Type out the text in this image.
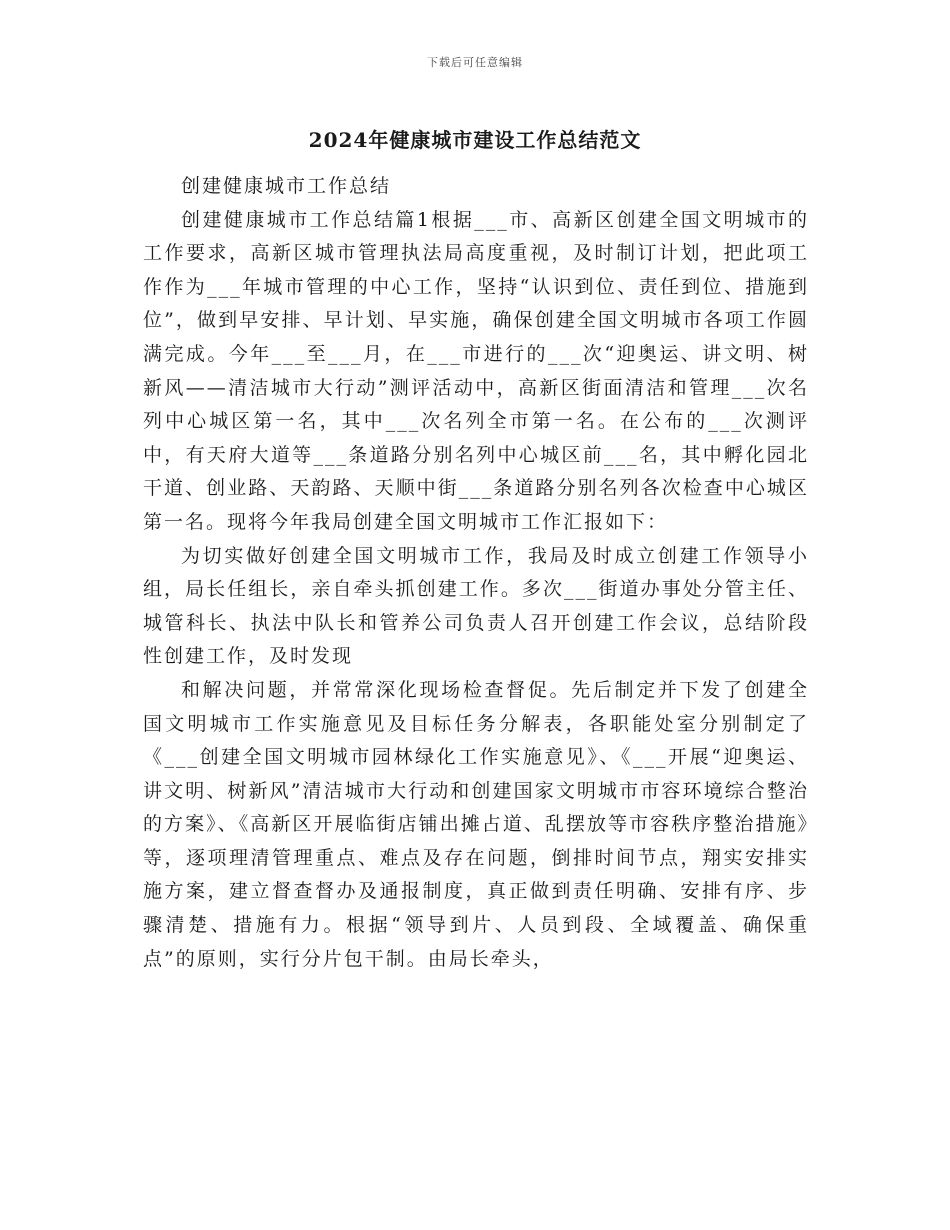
下载后可任意编辑
2024年健康城市建设工作总结范文

创建健康城市工作总结

创建健康城市工作总结篇1根据___市、高新区创建全国文明城市的工作要求，高新区城市管理执法局高度重视，及时制订计划，把此项工作作为___年城市管理的中心工作，坚持“认识到位、责任到位、措施到位”，做到早安排、早计划、早实施，确保创建全国文明城市各项工作圆满完成。今年___至___月，在___市进行的___次“迎奥运、讲文明、树新风——清洁城市大行动”测评活动中，高新区街面清洁和管理___次名列中心城区第一名，其中___次名列全市第一名。在公布的___次测评中，有天府大道等___条道路分别名列中心城区前___名，其中孵化园北干道、创业路、天韵路、天顺中街___条道路分别名列各次检查中心城区第一名。现将今年我局创建全国文明城市工作汇报如下：

为切实做好创建全国文明城市工作，我局及时成立创建工作领导小组，局长任组长，亲自牵头抓创建工作。多次___街道办事处分管主任、城管科长、执法中队长和管养公司负责人召开创建工作会议，总结阶段性创建工作，及时发现

和解决问题，并常常深化现场检查督促。先后制定并下发了创建全国文明城市工作实施意见及目标任务分解表，各职能处室分别制定了《___创建全国文明城市园林绿化工作实施意见》、《___开展“迎奥运、讲文明、树新风”清洁城市大行动和创建国家文明城市市容环境综合整治的方案》、《高新区开展临街店铺出摊占道、乱摆放等市容秩序整治措施》等，逐项理清管理重点、难点及存在问题，倒排时间节点，翔实安排实施方案，建立督查督办及通报制度，真正做到责任明确、安排有序、步骤清楚、措施有力。根据“领导到片、人员到段、全域覆盖、确保重点”的原则，实行分片包干制。由局长牵头，
